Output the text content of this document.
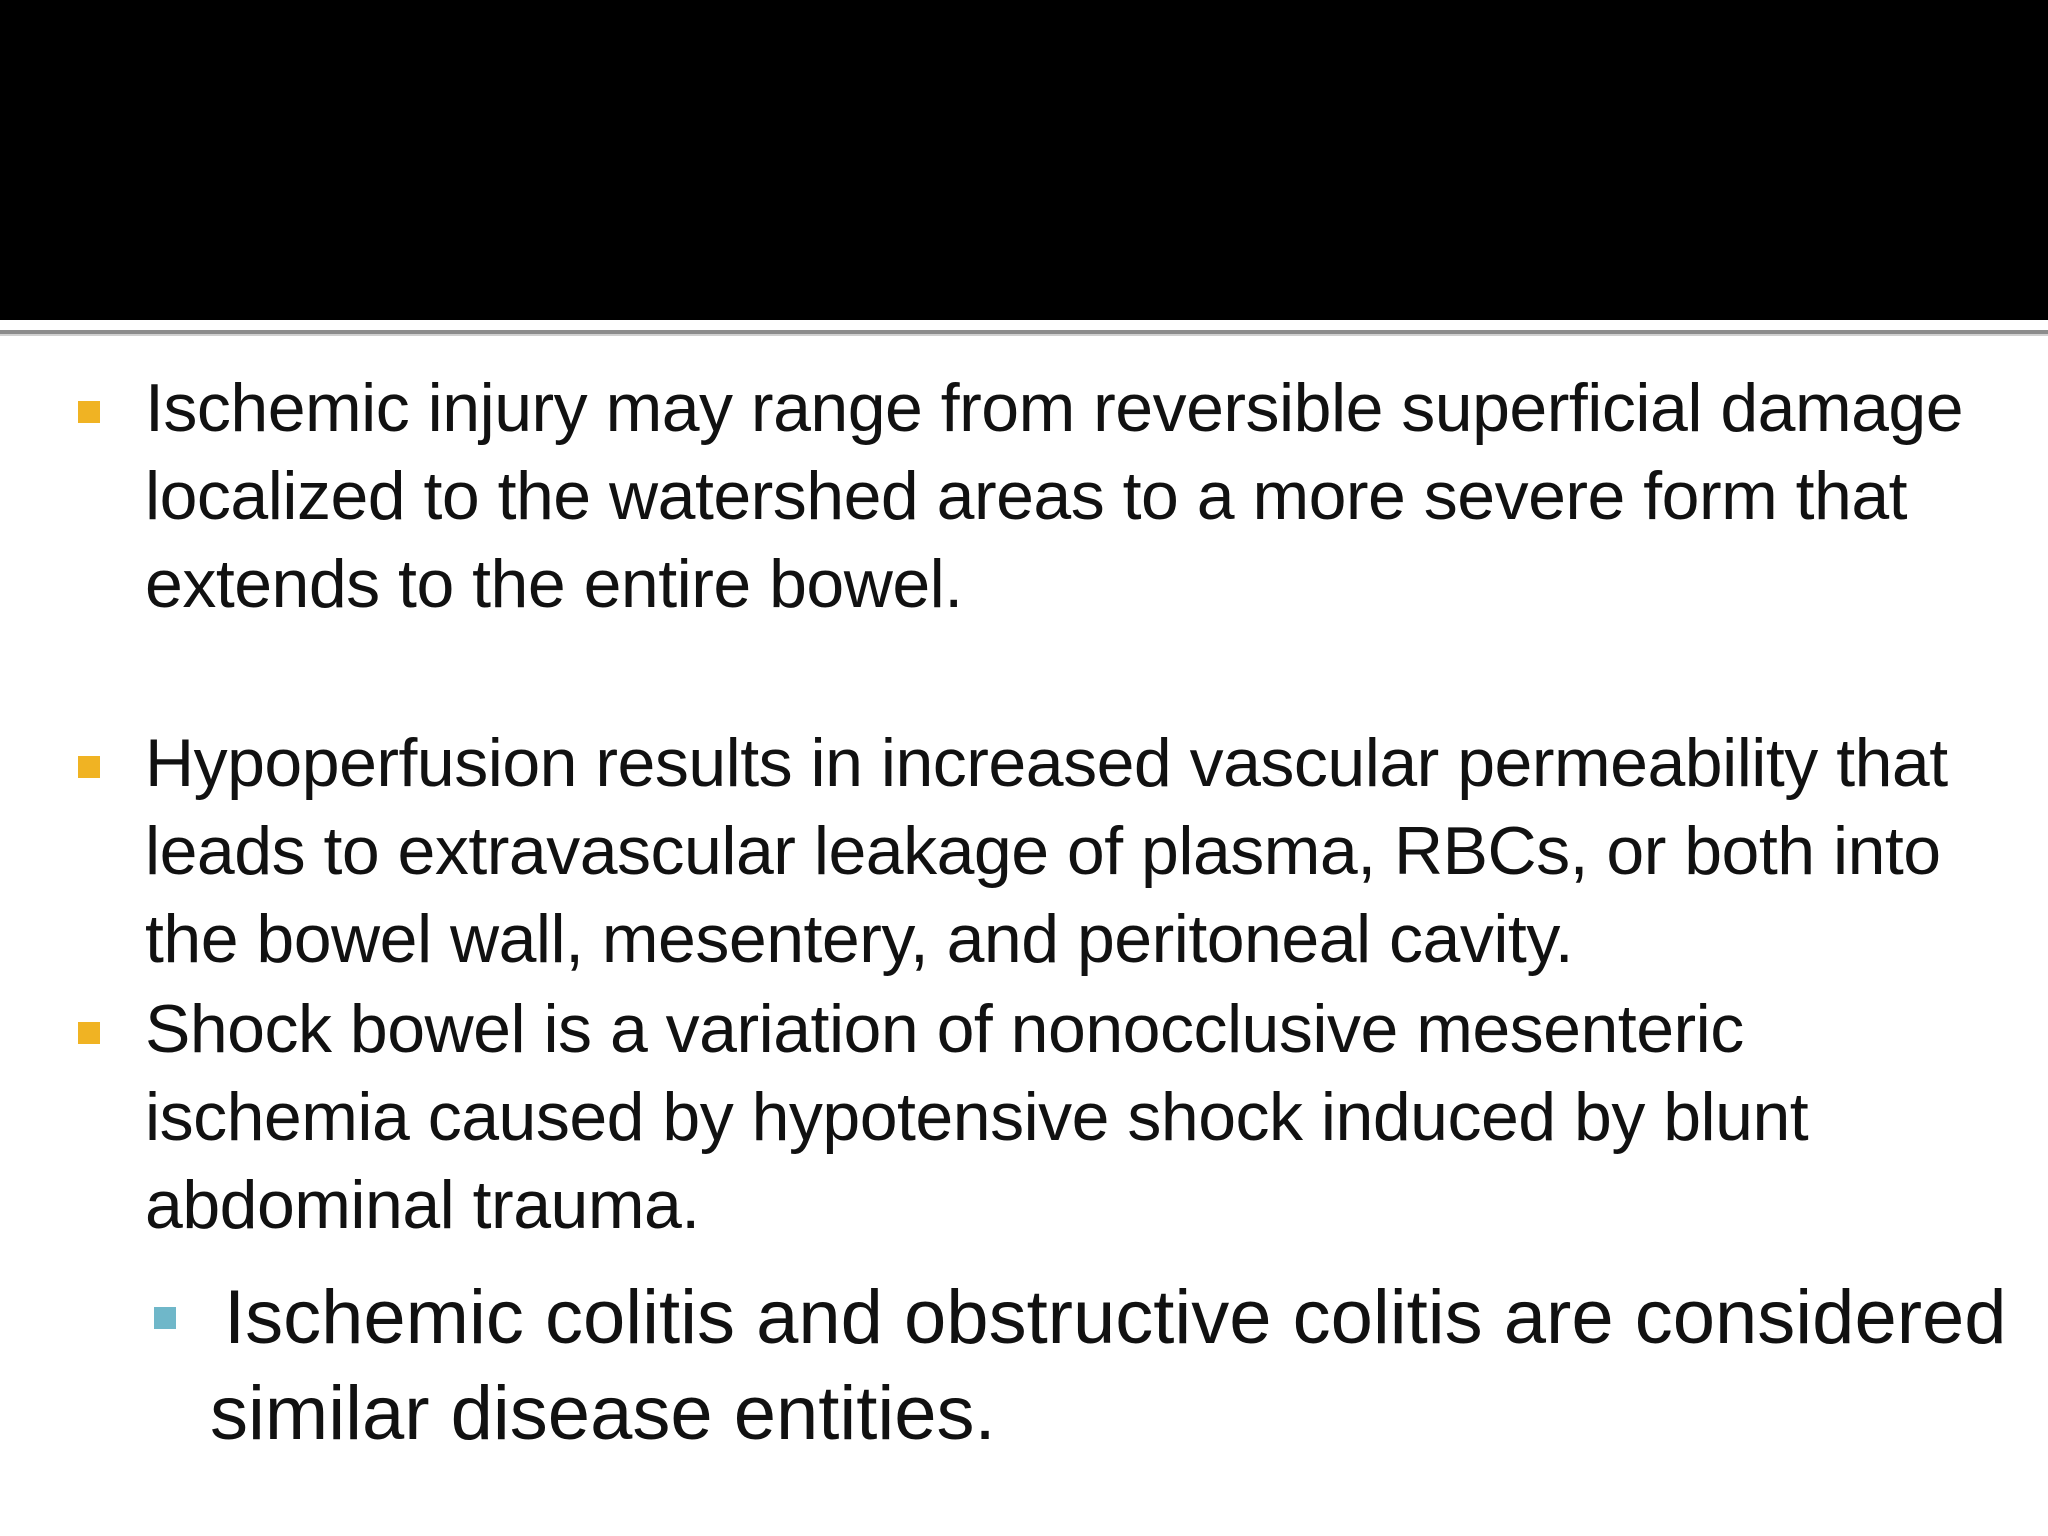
Ischemic injury may range from reversible superficial damage localized to the watershed areas to a more severe form that extends to the entire bowel.
Hypoperfusion results in increased vascular permeability that leads to extravascular leakage of plasma, RBCs, or both into the bowel wall, mesentery, and peritoneal cavity.
Shock bowel is a variation of nonocclusive mesenteric ischemia caused by hypotensive shock induced by blunt abdominal trauma.
Ischemic colitis and obstructive colitis are considered similar disease entities.
